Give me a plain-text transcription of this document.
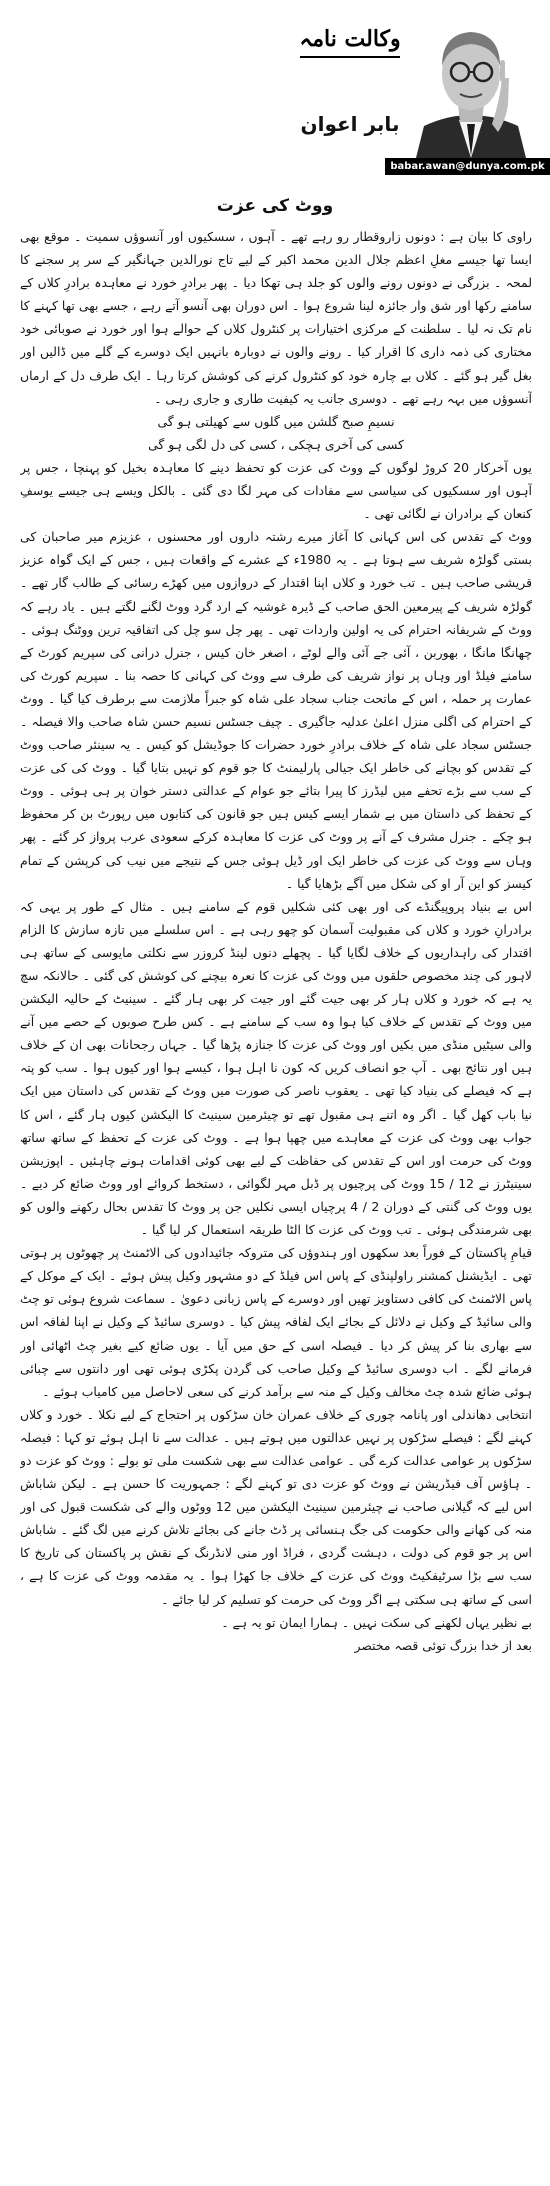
وکالت نامہ
بابر اعوان
babar.awan@dunya.com.pk
ووٹ کی عزت

راوی کا بیان ہے : دونوں زاروقطار رو رہے تھے ۔ آہوں ، سسکیوں اور آنسوؤں سمیت ۔ موقع بھی ایسا تھا جیسے مغلِ اعظم جلال الدین محمد اکبر کے لیے تاج نورالدین جہانگیر کے سر پر سجنے کا لمحہ ۔ بزرگی نے دونوں رونے والوں کو جلد ہی تھکا دیا ۔ پھر برادرِ خورد نے معاہدہ برادرِ کلاں کے سامنے رکھا اور شق وار جائزہ لینا شروع ہوا ۔ اس دوران بھی آنسو آتے رہے ، جسے بھی تھا کہنے کا نام تک نہ لیا ۔ سلطنت کے مرکزی اختیارات پر کنٹرول کلاں کے حوالے ہوا اور خورد نے صوبائی خود مختاری کی ذمہ داری کا اقرار کیا ۔ رونے والوں نے دوبارہ بانہیں ایک دوسرے کے گلے میں ڈالیں اور بغل گیر ہو گئے ۔ کلاں بے چارہ خود کو کنٹرول کرنے کی کوشش کرتا رہا ۔ ایک طرف دل کے ارماں آنسوؤں میں بہہ رہے تھے ۔ دوسری جانب یہ کیفیت طاری و جاری رہی ۔

نسیمِ صبح گلشن میں گلوں سے کھیلتی ہو گی
کسی کی آخری ہچکی ، کسی کی دل لگی ہو گی

یوں آخرکار 20 کروڑ لوگوں کے ووٹ کی عزت کو تحفظ دینے کا معاہدہ بخیل کو پہنچا ، جس پر آہوں اور سسکیوں کی سیاسی سے مفادات کی مہر لگا دی گئی ۔ بالکل ویسے ہی جیسے یوسفِ کنعان کے برادران نے لگائی تھی ۔

ووٹ کے تقدس کی اس کہانی کا آغاز میرے رشتہ داروں اور محسنوں ، عزیزم میر صاحبان کی بستی گولڑہ شریف سے ہوتا ہے ۔ یہ 1980ء کے عشرے کے واقعات ہیں ، جس کے ایک گواہ عزیز قریشی صاحب ہیں ۔ تب خورد و کلاں اپنا اقتدار کے دروازوں میں کھڑے رسائی کے طالب گار تھے ۔ گولڑہ شریف کے پیرمعین الحق صاحب کے ڈیرہ غوشیہ کے ارد گرد ووٹ لگنے لگتے ہیں ۔ یاد رہے کہ ووٹ کے شریفانہ احترام کی یہ اولین واردات تھی ۔ پھر چل سو چل کی اتفاقیہ ترین ووٹنگ ہوئی ۔ چھانگا مانگا ، بھوربن ، آئی جے آئی والے لوٹے ، اصغر خان کیس ، جنرل درانی کی سپریم کورٹ کے سامنے فیلڈ اور وہاں پر نواز شریف کی طرف سے ووٹ کی کہانی کا حصہ بنا ۔ سپریم کورٹ کی عمارت پر حملہ ، اس کے ماتحت جناب سجاد علی شاہ کو جبراً ملازمت سے برطرف کیا گیا ۔ ووٹ کے احترام کی اگلی منزل اعلیٰ عدلیہ جاگیری ۔ چیف جسٹس نسیم حسن شاہ صاحب والا فیصلہ ۔ جسٹس سجاد علی شاہ کے خلاف برادرِ خورد حضرات کا جوڈیشل کو کیس ۔ یہ سینئر صاحب ووٹ کے تقدس کو بچانے کی خاطر ایک جیالی پارلیمنٹ کا جو قوم کو نہیں بتایا گیا ۔ ووٹ کی کی عزت کے سب سے بڑے تحفے میں لیڈرز کا پیرا بتائے جو عوام کے عدالتی دستر خوان پر ہی ہوئی ۔ ووٹ کے تحفظ کی داستان میں بے شمار ایسے کیس ہیں جو قانون کی کتابوں میں رپورٹ بن کر محفوظ ہو چکے ۔ جنرل مشرف کے آنے پر ووٹ کی عزت کا معاہدہ کرکے سعودی عرب پرواز کر گئے ۔ پھر وہاں سے ووٹ کی عزت کی خاطر ایک اور ڈیل ہوئی جس کے نتیجے میں نیب کی کرپشن کے تمام کیسز کو این آر او کی شکل میں آگے بڑھایا گیا ۔

اس بے بنیاد پروپیگنڈے کی اور بھی کئی شکلیں قوم کے سامنے ہیں ۔ مثال کے طور پر یہی کہ برادرانِ خورد و کلاں کی مقبولیت آسمان کو چھو رہی ہے ۔ اس سلسلے میں تازہ سازش کا الزام اقتدار کی راہداریوں کے خلاف لگایا گیا ۔ پچھلے دنوں لینڈ کروزر سے نکلتی مایوسی کے ساتھ ہی لاہور کی چند مخصوص حلقوں میں ووٹ کی عزت کا نعرہ بیچنے کی کوشش کی گئی ۔ حالانکہ سچ یہ ہے کہ خورد و کلاں ہار کر بھی جیت گئے اور جیت کر بھی ہار گئے ۔ سینیٹ کے حالیہ الیکشن میں ووٹ کے تقدس کے خلاف کیا ہوا وہ سب کے سامنے ہے ۔ کس طرح صوبوں کے حصے میں آنے والی سیٹیں منڈی میں بکیں اور ووٹ کی عزت کا جنازہ پڑھا گیا ۔ جہاں رجحانات بھی ان کے خلاف ہیں اور نتائج بھی ۔ آپ جو انصاف کریں کہ کون نا اہل ہوا ، کیسے ہوا اور کیوں ہوا ۔ سب کو پتہ ہے کہ فیصلے کی بنیاد کیا تھی ۔ یعقوب ناصر کی صورت میں ووٹ کے تقدس کی داستان میں ایک نیا باب کھل گیا ۔ اگر وہ اتنے ہی مقبول تھے تو چیئرمین سینیٹ کا الیکشن کیوں ہار گئے ، اس کا جواب بھی ووٹ کی عزت کے معاہدے میں چھپا ہوا ہے ۔ ووٹ کی عزت کے تحفظ کے ساتھ ساتھ ووٹ کی حرمت اور اس کے تقدس کی حفاظت کے لیے بھی کوئی اقدامات ہونے چاہئیں ۔ اپوزیشن سینیٹرز نے 12 / 15 ووٹ کی پرچیوں پر ڈبل مہر لگوائی ، دستخط کروائے اور ووٹ ضائع کر دیے ۔ یوں ووٹ کی گنتی کے دوران 2 / 4 پرچیاں ایسی نکلیں جن پر ووٹ کا تقدس بحال رکھنے والوں کو بھی شرمندگی ہوئی ۔ تب ووٹ کی عزت کا الٹا طریقہ استعمال کر لیا گیا ۔

قیامِ پاکستان کے فوراً بعد سکھوں اور ہندوؤں کی متروکہ جائیدادوں کی الاٹمنٹ پر چھوٹوں پر ہوتی تھی ۔ ایڈیشنل کمشنر راولپنڈی کے پاس اس فیلڈ کے دو مشہور وکیل پیش ہوئے ۔ ایک کے موکل کے پاس الاٹمنٹ کی کافی دستاویز تھیں اور دوسرے کے پاس زبانی دعویٰ ۔ سماعت شروع ہوئی تو چٹ والی سائیڈ کے وکیل نے دلائل کے بجائے ایک لفافہ پیش کیا ۔ دوسری سائیڈ کے وکیل نے اپنا لفافہ اس سے بھاری بنا کر پیش کر دیا ۔ فیصلہ اسی کے حق میں آیا ۔ یوں ضائع کیے بغیر چٹ اٹھائی اور فرمانے لگے ۔ اب دوسری سائیڈ کے وکیل صاحب کی گردن پکڑی ہوئی تھی اور دانتوں سے چبائی ہوئی ضائع شدہ چٹ مخالف وکیل کے منہ سے برآمد کرنے کی سعی لاحاصل میں کامیاب ہوئے ۔

انتخابی دھاندلی اور پانامہ چوری کے خلاف عمران خان سڑکوں پر احتجاج کے لیے نکلا ۔ خورد و کلاں کہنے لگے : فیصلے سڑکوں پر نہیں عدالتوں میں ہوتے ہیں ۔ عدالت سے نا اہل ہوئے تو کہا : فیصلہ سڑکوں پر عوامی عدالت کرے گی ۔ عوامی عدالت سے بھی شکست ملی تو بولے : ووٹ کو عزت دو ۔ ہاؤس آف فیڈریشن نے ووٹ کو عزت دی تو کہنے لگے : جمہوریت کا حسن ہے ۔ لیکن شاباش اس لیے کہ گیلانی صاحب نے چیئرمین سینیٹ الیکشن میں 12 ووٹوں والے کی شکست قبول کی اور منہ کی کھانے والی حکومت کی جگ ہنسائی پر ڈٹ جانے کی بجائے تلاش کرنے میں لگ گئے ۔ شاباش اس پر جو قوم کی دولت ، دہشت گردی ، فراڈ اور منی لانڈرنگ کے نقش پر پاکستان کی تاریخ کا سب سے بڑا سرٹیفکیٹ ووٹ کی عزت کے خلاف جا کھڑا ہوا ۔ یہ مقدمہ ووٹ کی عزت کا ہے ، اسی کے ساتھ ہی سکتی ہے اگر ووٹ کی حرمت کو تسلیم کر لیا جائے ۔

بے نظیر یہاں لکھنے کی سکت نہیں ۔ ہمارا ایمان تو یہ ہے ۔

بعد از خدا بزرگ توئی قصہ مختصر
